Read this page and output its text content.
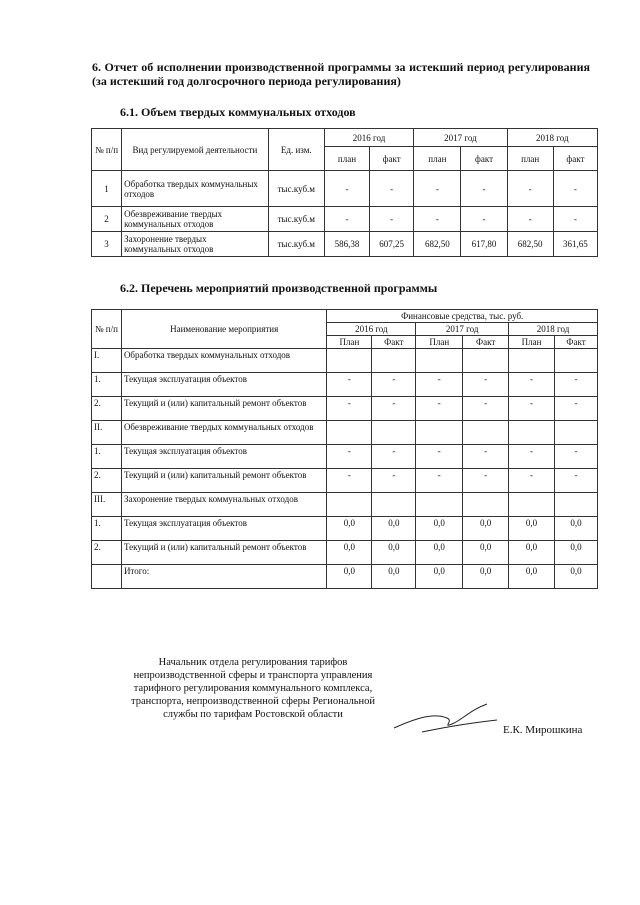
6. Отчет об исполнении производственной программы за истекший период регулирования (за истекший год долгосрочного периода регулирования)
6.1. Объем твердых коммунальных отходов
№ п/п	Вид регулируемой деятельности	Ед. изм.	2016 год		2017 год		2018 год	
			план	факт	план	факт	план	факт
1	Обработка твердых коммунальных отходов	тыс.куб.м	-	-	-	-	-	-
2	Обезвреживание твердых коммунальных отходов	тыс.куб.м	-	-	-	-	-	-
3	Захоронение твердых коммунальных отходов	тыс.куб.м	586,38	607,25	682,50	617,80	682,50	361,65
6.2. Перечень мероприятий производственной программы
№ п/п	Наименование мероприятия	Финансовые средства, тыс. руб.					
		2016 год		2017 год		2018 год	
		План	Факт	План	Факт	План	Факт
I.	Обработка твердых коммунальных отходов						
1.	Текущая эксплуатация объектов	-	-	-	-	-	-
2.	Текущий и (или) капитальный ремонт объектов	-	-	-	-	-	-
II.	Обезвреживание твердых коммунальных отходов						
1.	Текущая эксплуатация объектов	-	-	-	-	-	-
2.	Текущий и (или) капитальный ремонт объектов	-	-	-	-	-	-
III.	Захоронение твердых коммунальных отходов						
1.	Текущая эксплуатация объектов	0,0	0,0	0,0	0,0	0,0	0,0
2.	Текущий и (или) капитальный ремонт объектов	0,0	0,0	0,0	0,0	0,0	0,0
	Итого:	0,0	0,0	0,0	0,0	0,0	0,0
Начальник отдела регулирования тарифов непроизводственной сферы и транспорта управления тарифного регулирования коммунального комплекса, транспорта, непроизводственной сферы Региональной службы по тарифам Ростовской области
Е.К. Мирошкина
